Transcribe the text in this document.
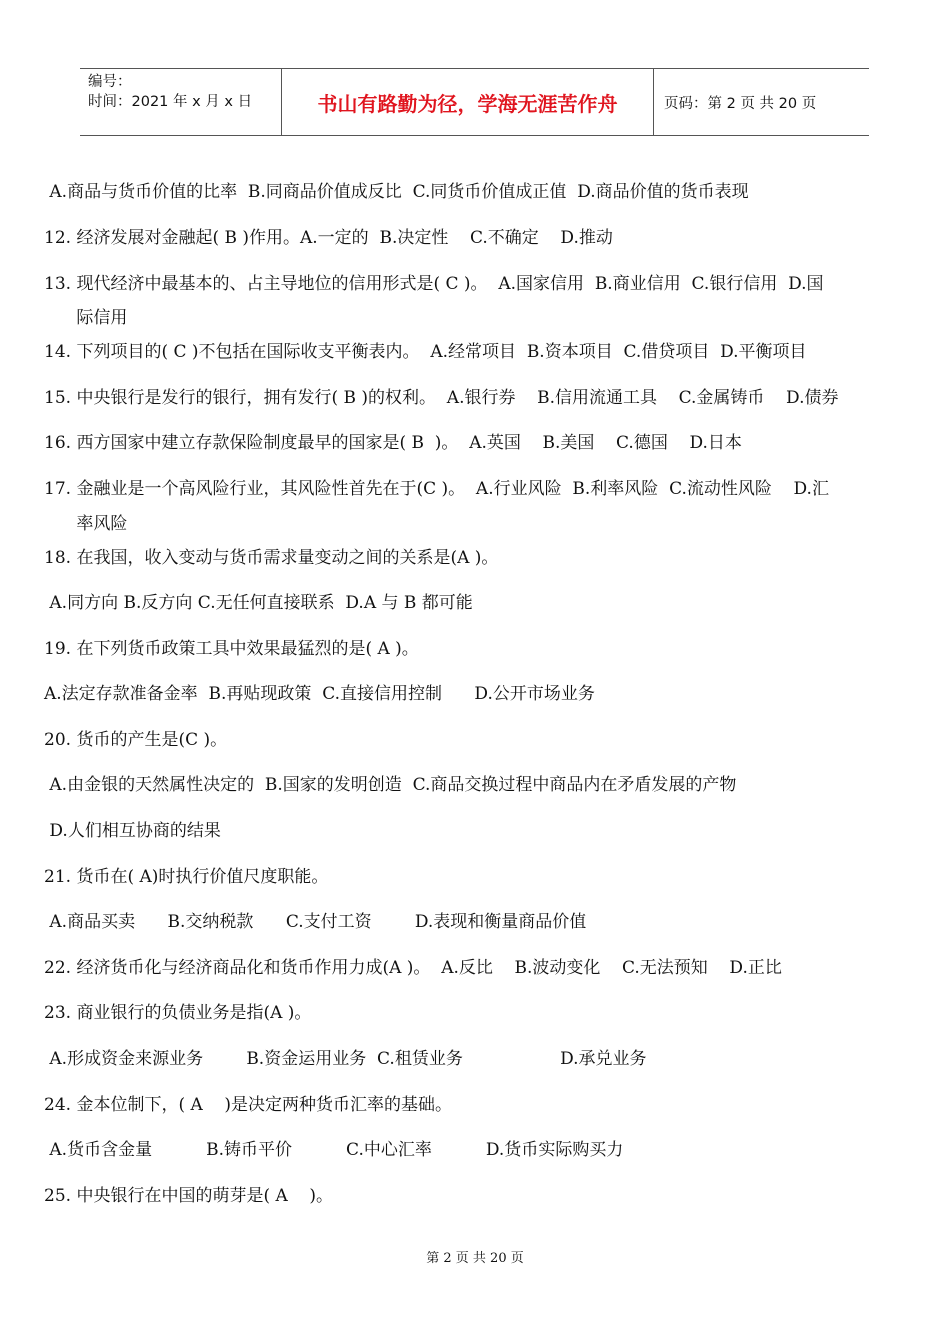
编号：
时间：2021 年 x 月 x 日	书山有路勤为径，学海无涯苦作舟	页码：第 2 页 共 20 页
A.商品与货币价值的比率  B.同商品价值成反比  C.同货币价值成正值  D.商品价值的货币表现
12. 经济发展对金融起( B )作用。A.一定的  B.决定性    C.不确定    D.推动
13. 现代经济中最基本的、占主导地位的信用形式是( C )。  A.国家信用  B.商业信用  C.银行信用  D.国
际信用
14. 下列项目的( C )不包括在国际收支平衡表内。  A.经常项目  B.资本项目  C.借贷项目  D.平衡项目
15. 中央银行是发行的银行，拥有发行( B )的权利。  A.银行券    B.信用流通工具    C.金属铸币    D.债券
16. 西方国家中建立存款保险制度最早的国家是( B  )。  A.英国    B.美国    C.德国    D.日本
17. 金融业是一个高风险行业，其风险性首先在于(C )。  A.行业风险  B.利率风险  C.流动性风险    D.汇
率风险
18. 在我国，收入变动与货币需求量变动之间的关系是(A )。
A.同方向 B.反方向 C.无任何直接联系  D.A 与 B 都可能
19. 在下列货币政策工具中效果最猛烈的是( A )。
A.法定存款准备金率  B.再贴现政策  C.直接信用控制      D.公开市场业务
20. 货币的产生是(C )。
A.由金银的天然属性决定的  B.国家的发明创造  C.商品交换过程中商品内在矛盾发展的产物
D.人们相互协商的结果
21. 货币在( A)时执行价值尺度职能。
A.商品买卖      B.交纳税款      C.支付工资        D.表现和衡量商品价值
22. 经济货币化与经济商品化和货币作用力成(A )。  A.反比    B.波动变化    C.无法预知    D.正比
23. 商业银行的负债业务是指(A )。
A.形成资金来源业务        B.资金运用业务  C.租赁业务                  D.承兑业务
24. 金本位制下，( A    )是决定两种货币汇率的基础。
A.货币含金量          B.铸币平价          C.中心汇率          D.货币实际购买力
25. 中央银行在中国的萌芽是( A    )。
第 2 页 共 20 页
